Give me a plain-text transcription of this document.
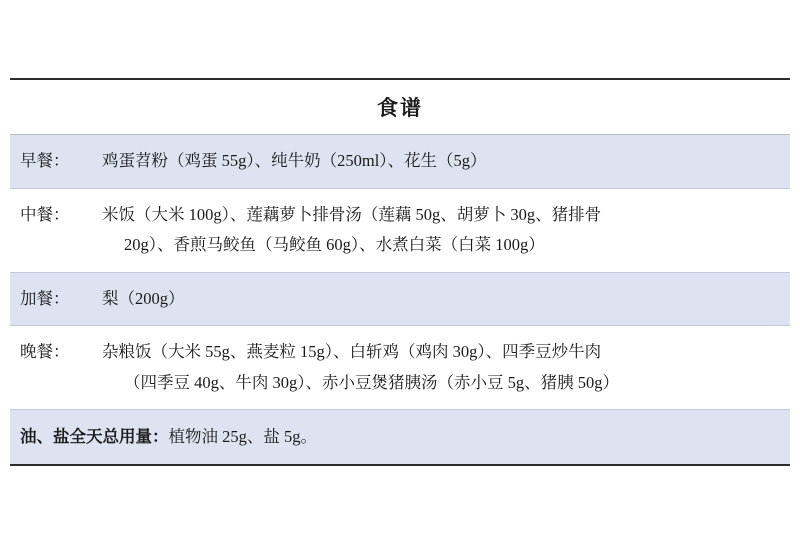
食谱
早餐：	鸡蛋苕粉（鸡蛋 55g）、纯牛奶（250ml）、花生（5g）
中餐：	米饭（大米 100g）、莲藕萝卜排骨汤（莲藕 50g、胡萝卜 30g、猪排骨
20g）、香煎马鲛鱼（马鲛鱼 60g）、水煮白菜（白菜 100g）
加餐：	梨（200g）
晚餐：	杂粮饭（大米 55g、燕麦粒 15g）、白斩鸡（鸡肉 30g）、四季豆炒牛肉
（四季豆 40g、牛肉 30g）、赤小豆煲猪胰汤（赤小豆 5g、猪胰 50g）
油、盐全天总用量：植物油 25g、盐 5g。
